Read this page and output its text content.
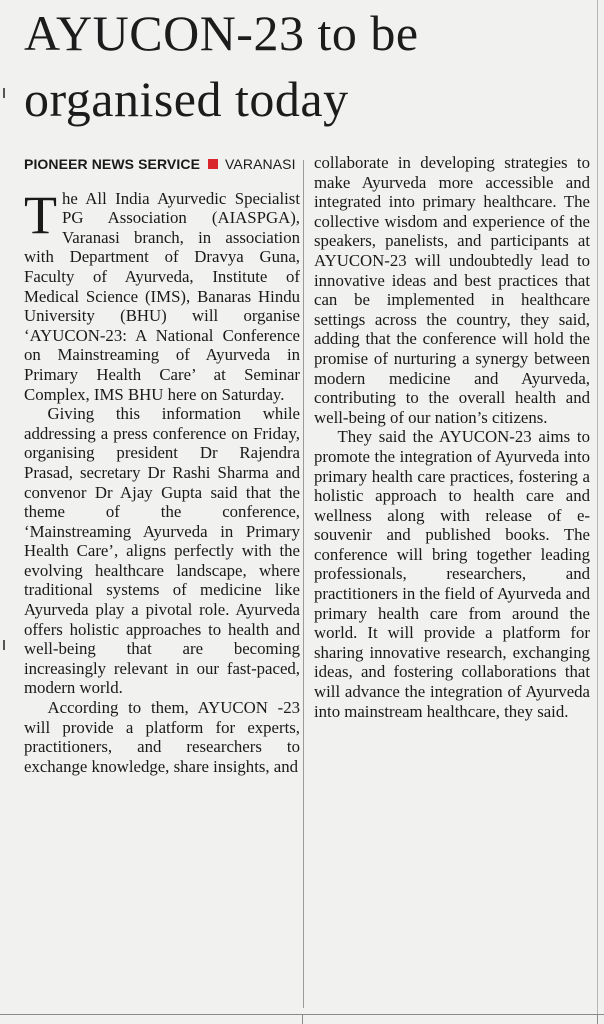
AYUCON-23 to be organised today
PIONEER NEWS SERVICE VARANASI

The All India Ayurvedic Specialist PG Association (AIASPGA), Varanasi branch, in association with Department of Dravya Guna, Faculty of Ayurveda, Institute of Medical Science (IMS), Banaras Hindu University (BHU) will organise ‘AYUCON-23: A National Conference on Mainstreaming of Ayurveda in Primary Health Care’ at Seminar Complex, IMS BHU here on Saturday.

Giving this information while addressing a press conference on Friday, organising president Dr Rajendra Prasad, secretary Dr Rashi Sharma and convenor Dr Ajay Gupta said that the theme of the conference, ‘Mainstreaming Ayurveda in Primary Health Care’, aligns perfectly with the evolving healthcare landscape, where traditional systems of medicine like Ayurveda play a pivotal role. Ayurveda offers holistic approaches to health and well-being that are becoming increasingly relevant in our fast-paced, modern world.

According to them, AYUCON -23 will provide a platform for experts, practitioners, and researchers to exchange knowledge, share insights, and

collaborate in developing strategies to make Ayurveda more accessible and integrated into primary healthcare. The collective wisdom and experience of the speakers, panelists, and participants at AYUCON-23 will undoubtedly lead to innovative ideas and best practices that can be implemented in healthcare settings across the country, they said, adding that the conference will hold the promise of nurturing a synergy between modern medicine and Ayurveda, contributing to the overall health and well-being of our nation’s citizens.

They said the AYUCON-23 aims to promote the integration of Ayurveda into primary health care practices, fostering a holistic approach to health care and wellness along with release of e-souvenir and published books. The conference will bring together leading professionals, researchers, and practitioners in the field of Ayurveda and primary health care from around the world. It will provide a platform for sharing innovative research, exchanging ideas, and fostering collaborations that will advance the integration of Ayurveda into mainstream healthcare, they said.
